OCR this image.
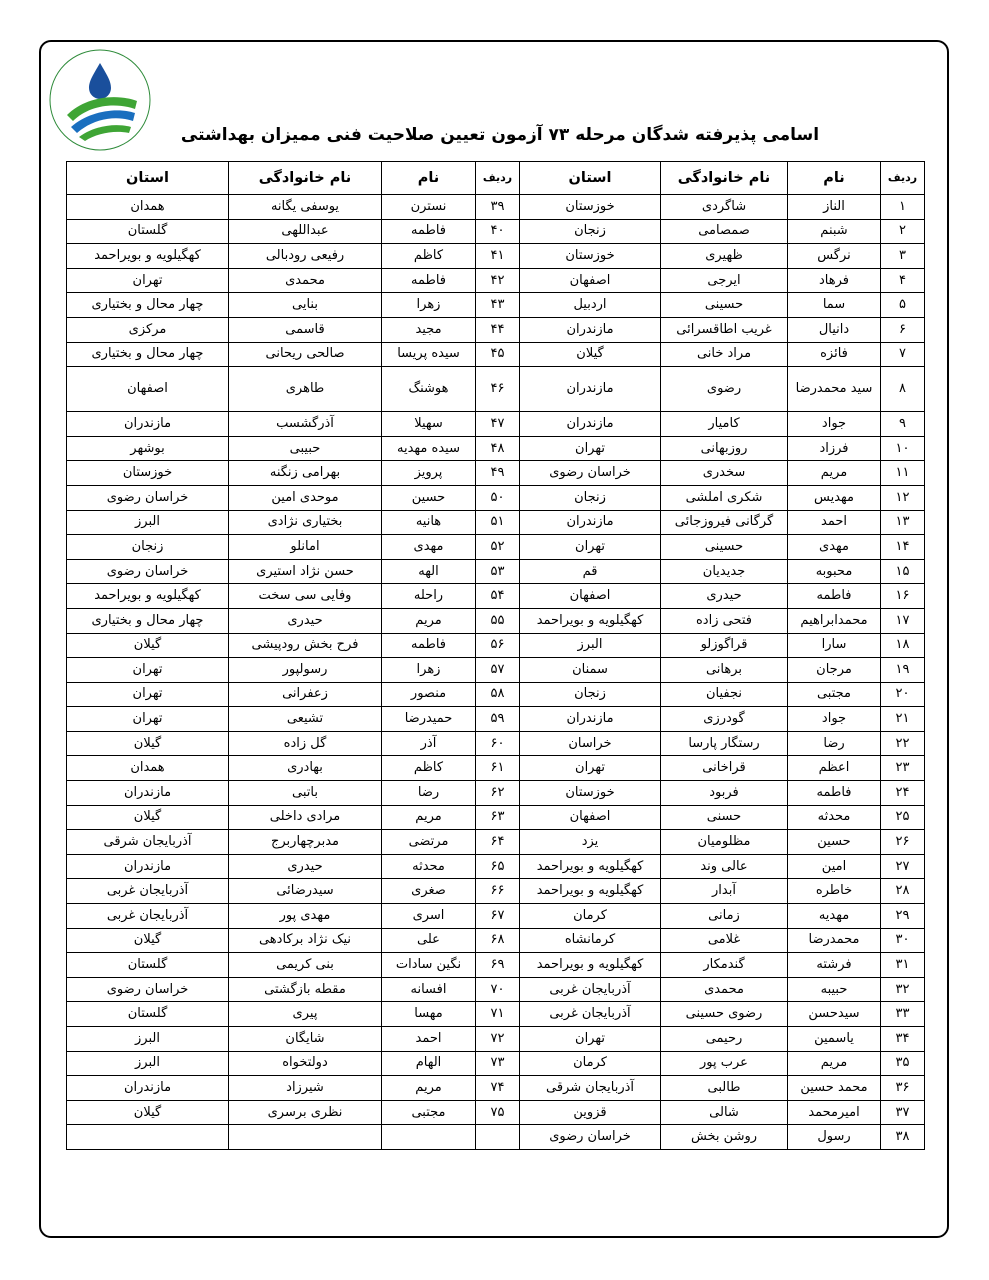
اسامی پذیرفته شدگان مرحله ۷۳ آزمون تعیین صلاحیت فنی ممیزان بهداشتی
ردیف	نام	نام خانوادگی	استان	ردیف	نام	نام خانوادگی	استان
۱	الناز	شاگردی	خوزستان	۳۹	نسترن	یوسفی یگانه	همدان
۲	شبنم	صمصامی	زنجان	۴۰	فاطمه	عبداللهی	گلستان
۳	نرگس	ظهیری	خوزستان	۴۱	کاظم	رفیعی رودبالی	کهگیلویه و بویراحمد
۴	فرهاد	ایرجی	اصفهان	۴۲	فاطمه	محمدی	تهران
۵	سما	حسینی	اردبیل	۴۳	زهرا	بنایی	چهار محال و بختیاری
۶	دانیال	غریب اطاقسرائی	مازندران	۴۴	مجید	قاسمی	مرکزی
۷	فائزه	مراد خانی	گیلان	۴۵	سیده پریسا	صالحی ریحانی	چهار محال و بختیاری
۸	سید محمدرضا	رضوی	مازندران	۴۶	هوشنگ	طاهری	اصفهان
۹	جواد	کامیار	مازندران	۴۷	سهیلا	آذرگشسب	مازندران
۱۰	فرزاد	روزبهانی	تهران	۴۸	سیده مهدیه	حبیبی	بوشهر
۱۱	مریم	سخدری	خراسان رضوی	۴۹	پرویز	بهرامی زنگنه	خوزستان
۱۲	مهدیس	شکری املشی	زنجان	۵۰	حسین	موحدی امین	خراسان رضوی
۱۳	احمد	گرگانی فیروزجائی	مازندران	۵۱	هانیه	بختیاری نژادی	البرز
۱۴	مهدی	حسینی	تهران	۵۲	مهدی	امانلو	زنجان
۱۵	محبوبه	جدیدیان	قم	۵۳	الهه	حسن نژاد استیری	خراسان رضوی
۱۶	فاطمه	حیدری	اصفهان	۵۴	راحله	وفایی سی سخت	کهگیلویه و بویراحمد
۱۷	محمدابراهیم	فتحی زاده	کهگیلویه و بویراحمد	۵۵	مریم	حیدری	چهار محال و بختیاری
۱۸	سارا	قراگوزلو	البرز	۵۶	فاطمه	فرح بخش رودپیشی	گیلان
۱۹	مرجان	برهانی	سمنان	۵۷	زهرا	رسولپور	تهران
۲۰	مجتبی	نجفیان	زنجان	۵۸	منصور	زعفرانی	تهران
۲۱	جواد	گودرزی	مازندران	۵۹	حمیدرضا	تشیعی	تهران
۲۲	رضا	رستگار پارسا	خراسان	۶۰	آذر	گل زاده	گیلان
۲۳	اعظم	قراخانی	تهران	۶۱	کاظم	بهادری	همدان
۲۴	فاطمه	فربود	خوزستان	۶۲	رضا	باتبی	مازندران
۲۵	محدثه	حسنی	اصفهان	۶۳	مریم	مرادی داخلی	گیلان
۲۶	حسین	مظلومیان	یزد	۶۴	مرتضی	مدبرچهاربرج	آذربایجان شرقی
۲۷	امین	عالی وند	کهگیلویه و بویراحمد	۶۵	محدثه	حیدری	مازندران
۲۸	خاطره	آبدار	کهگیلویه و بویراحمد	۶۶	صغری	سیدرضائی	آذربایجان غربی
۲۹	مهدیه	زمانی	کرمان	۶۷	اسری	مهدی پور	آذربایجان غربی
۳۰	محمدرضا	غلامی	کرمانشاه	۶۸	علی	نیک نژاد برکادهی	گیلان
۳۱	فرشته	گندمکار	کهگیلویه و بویراحمد	۶۹	نگین سادات	بنی کریمی	گلستان
۳۲	حبیبه	محمدی	آذربایجان غربی	۷۰	افسانه	مقطه بازگشتی	خراسان رضوی
۳۳	سیدحسن	رضوی حسینی	آذربایجان غربی	۷۱	مهسا	پیری	گلستان
۳۴	یاسمین	رحیمی	تهران	۷۲	احمد	شایگان	البرز
۳۵	مریم	عرب پور	کرمان	۷۳	الهام	دولتخواه	البرز
۳۶	محمد حسین	طالبی	آذربایجان شرقی	۷۴	مریم	شیرزاد	مازندران
۳۷	امیرمحمد	شالی	قزوین	۷۵	مجتبی	نظری برسری	گیلان
۳۸	رسول	روشن بخش	خراسان رضوی				
